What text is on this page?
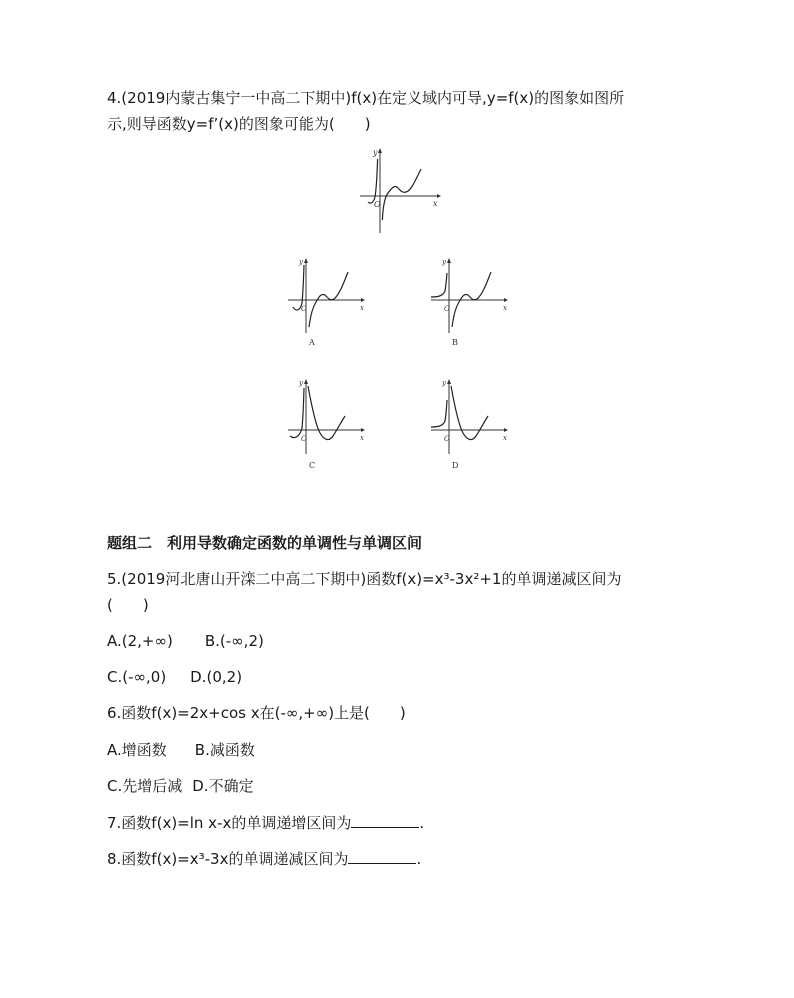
4.(2019内蒙古集宁一中高二下期中)f(x)在定义域内可导,y=f(x)的图象如图所
示,则导函数y=f’(x)的图象可能为(　　)
x
y
O
x
y
O
A
x
y
O
B
x
y
O
C
x
y
O
D
题组二　利用导数确定函数的单调性与单调区间
5.(2019河北唐山开滦二中高二下期中)函数f(x)=x³-3x²+1的单调递减区间为
(　　)
A.(2,+∞) B.(-∞,2)
C.(-∞,0) D.(0,2)
6.函数f(x)=2x+cos x在(-∞,+∞)上是(　　)
A.增函数 B.减函数
C.先增后减 D.不确定
7.函数f(x)=ln x-x的单调递增区间为	.
8.函数f(x)=x³-3x的单调递减区间为	.
